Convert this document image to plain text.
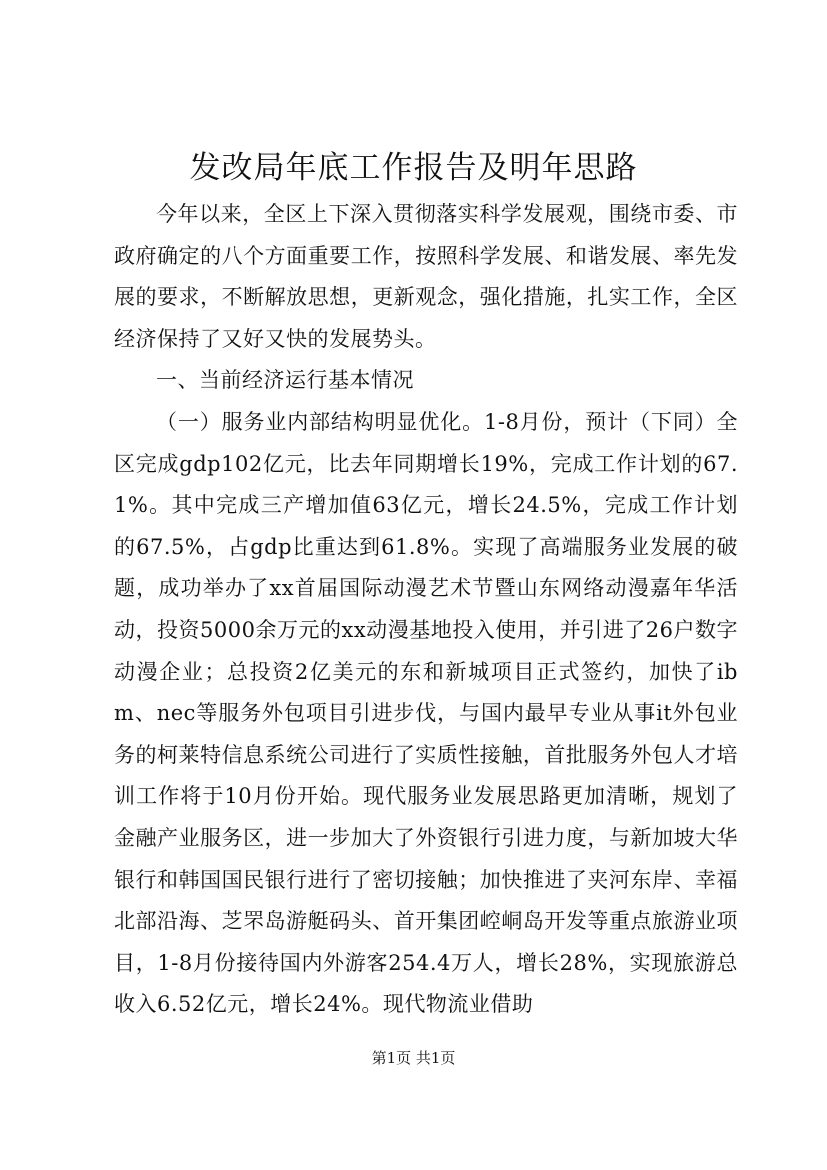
发改局年底工作报告及明年思路

今年以来，全区上下深入贯彻落实科学发展观，围绕市委、市政府确定的八个方面重要工作，按照科学发展、和谐发展、率先发展的要求，不断解放思想，更新观念，强化措施，扎实工作，全区经济保持了又好又快的发展势头。

一、当前经济运行基本情况

（一）服务业内部结构明显优化。1-8月份，预计（下同）全区完成gdp102亿元，比去年同期增长19%，完成工作计划的67.1%。其中完成三产增加值63亿元，增长24.5%，完成工作计划的67.5%，占gdp比重达到61.8%。实现了高端服务业发展的破题，成功举办了xx首届国际动漫艺术节暨山东网络动漫嘉年华活动，投资5000余万元的xx动漫基地投入使用，并引进了26户数字动漫企业；总投资2亿美元的东和新城项目正式签约，加快了ibm、nec等服务外包项目引进步伐，与国内最早专业从事it外包业务的柯莱特信息系统公司进行了实质性接触，首批服务外包人才培训工作将于10月份开始。现代服务业发展思路更加清晰，规划了金融产业服务区，进一步加大了外资银行引进力度，与新加坡大华银行和韩国国民银行进行了密切接触；加快推进了夹河东岸、幸福北部沿海、芝罘岛游艇码头、首开集团崆峒岛开发等重点旅游业项目，1-8月份接待国内外游客254.4万人，增长28%，实现旅游总收入6.52亿元，增长24%。现代物流业借助

第1页 共1页
